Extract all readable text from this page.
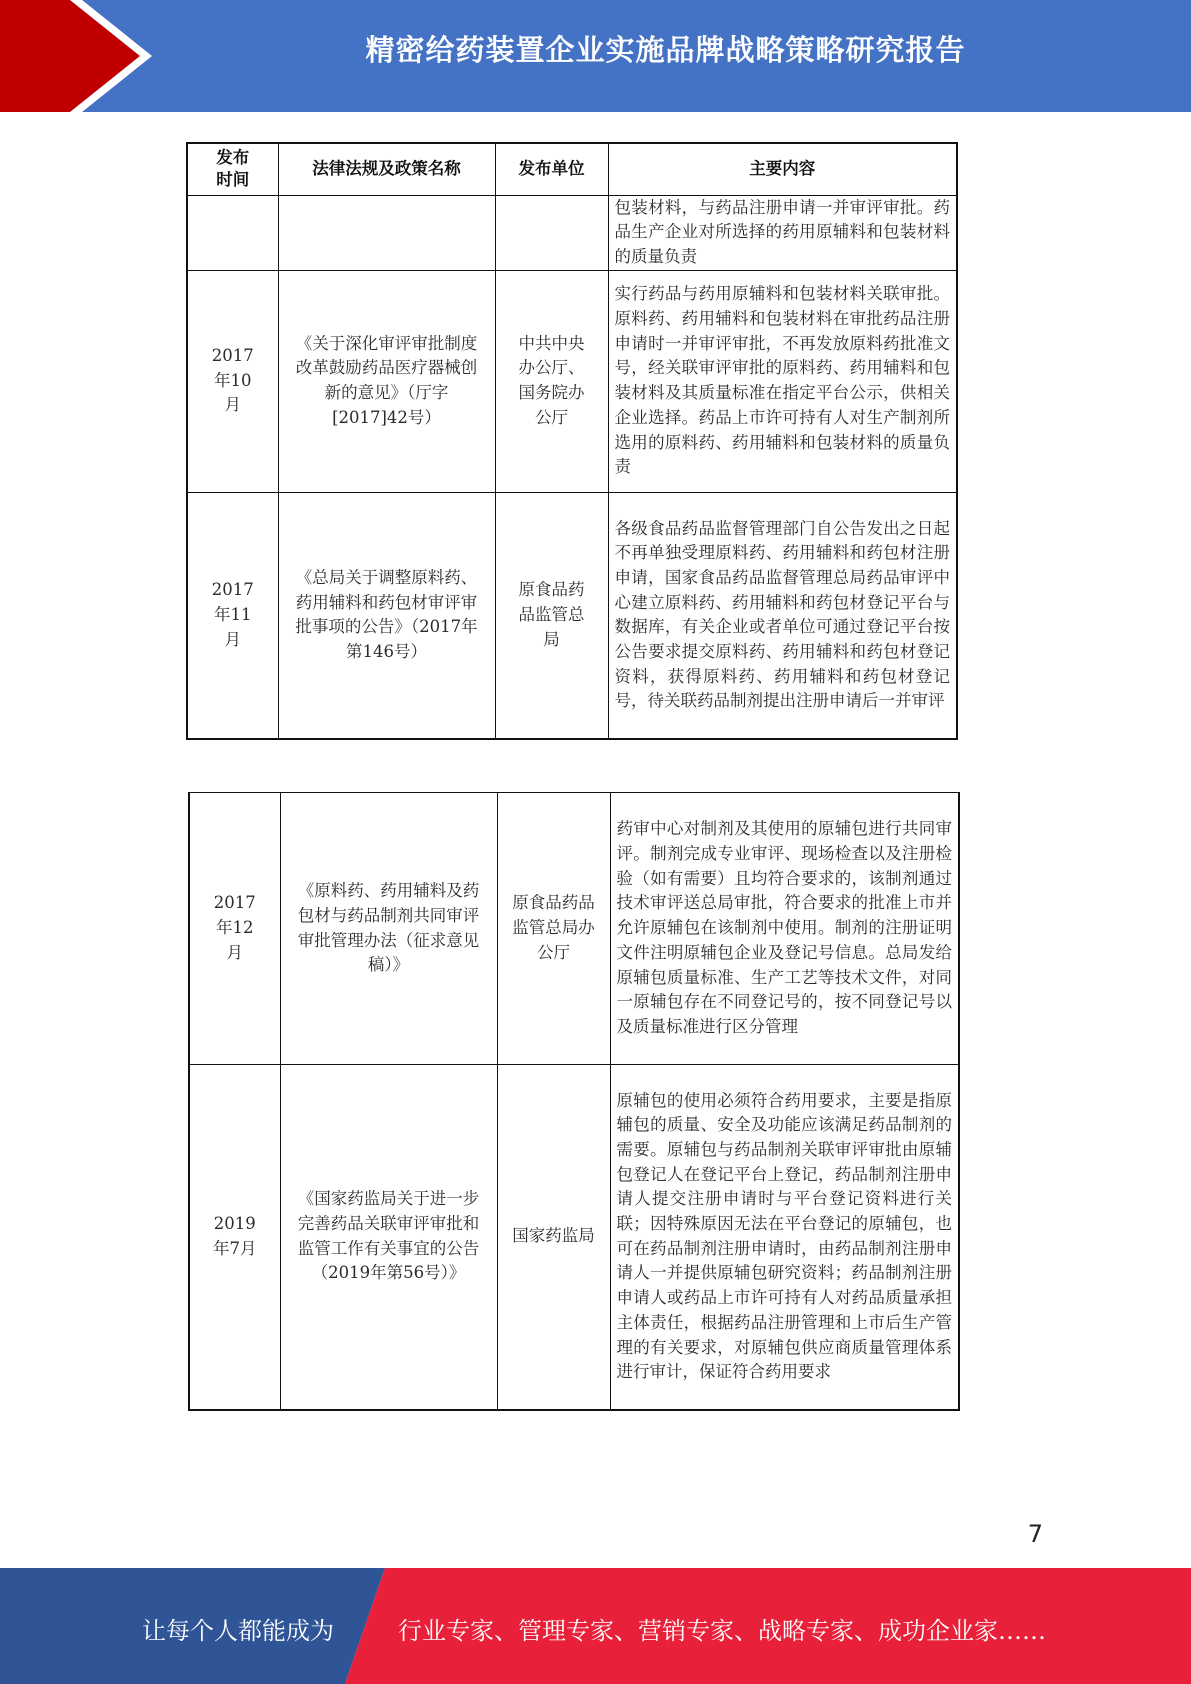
精密给药装置企业实施品牌战略策略研究报告
发布时间	法律法规及政策名称	发布单位	主要内容
			包装材料，与药品注册申请一并审评审批。药品生产企业对所选择的药用原辅料和包装材料的质量负责
2017年10月	《关于深化审评审批制度改革鼓励药品医疗器械创新的意见》（厅字[2017]42号）	中共中央办公厅、国务院办公厅	实行药品与药用原辅料和包装材料关联审批。原料药、药用辅料和包装材料在审批药品注册申请时一并审评审批，不再发放原料药批准文号，经关联审评审批的原料药、药用辅料和包装材料及其质量标准在指定平台公示，供相关企业选择。药品上市许可持有人对生产制剂所选用的原料药、药用辅料和包装材料的质量负责
2017年11月	《总局关于调整原料药、药用辅料和药包材审评审批事项的公告》（2017年第146号）	原食品药品监管总局	各级食品药品监督管理部门自公告发出之日起不再单独受理原料药、药用辅料和药包材注册申请，国家食品药品监督管理总局药品审评中心建立原料药、药用辅料和药包材登记平台与数据库，有关企业或者单位可通过登记平台按公告要求提交原料药、药用辅料和药包材登记资料，获得原料药、药用辅料和药包材登记号，待关联药品制剂提出注册申请后一并审评
2017年12月	《原料药、药用辅料及药包材与药品制剂共同审评审批管理办法（征求意见稿）》	原食品药品监管总局办公厅	药审中心对制剂及其使用的原辅包进行共同审评。制剂完成专业审评、现场检查以及注册检验（如有需要）且均符合要求的，该制剂通过技术审评送总局审批，符合要求的批准上市并允许原辅包在该制剂中使用。制剂的注册证明文件注明原辅包企业及登记号信息。总局发给原辅包质量标准、生产工艺等技术文件，对同一原辅包存在不同登记号的，按不同登记号以及质量标准进行区分管理
2019年7月	《国家药监局关于进一步完善药品关联审评审批和监管工作有关事宜的公告（2019年第56号）》	国家药监局	原辅包的使用必须符合药用要求，主要是指原辅包的质量、安全及功能应该满足药品制剂的需要。原辅包与药品制剂关联审评审批由原辅包登记人在登记平台上登记，药品制剂注册申请人提交注册申请时与平台登记资料进行关联；因特殊原因无法在平台登记的原辅包，也可在药品制剂注册申请时，由药品制剂注册申请人一并提供原辅包研究资料；药品制剂注册申请人或药品上市许可持有人对药品质量承担主体责任，根据药品注册管理和上市后生产管理的有关要求，对原辅包供应商质量管理体系进行审计，保证符合药用要求
7
让每个人都能成为	行业专家、管理专家、营销专家、战略专家、成功企业家……
